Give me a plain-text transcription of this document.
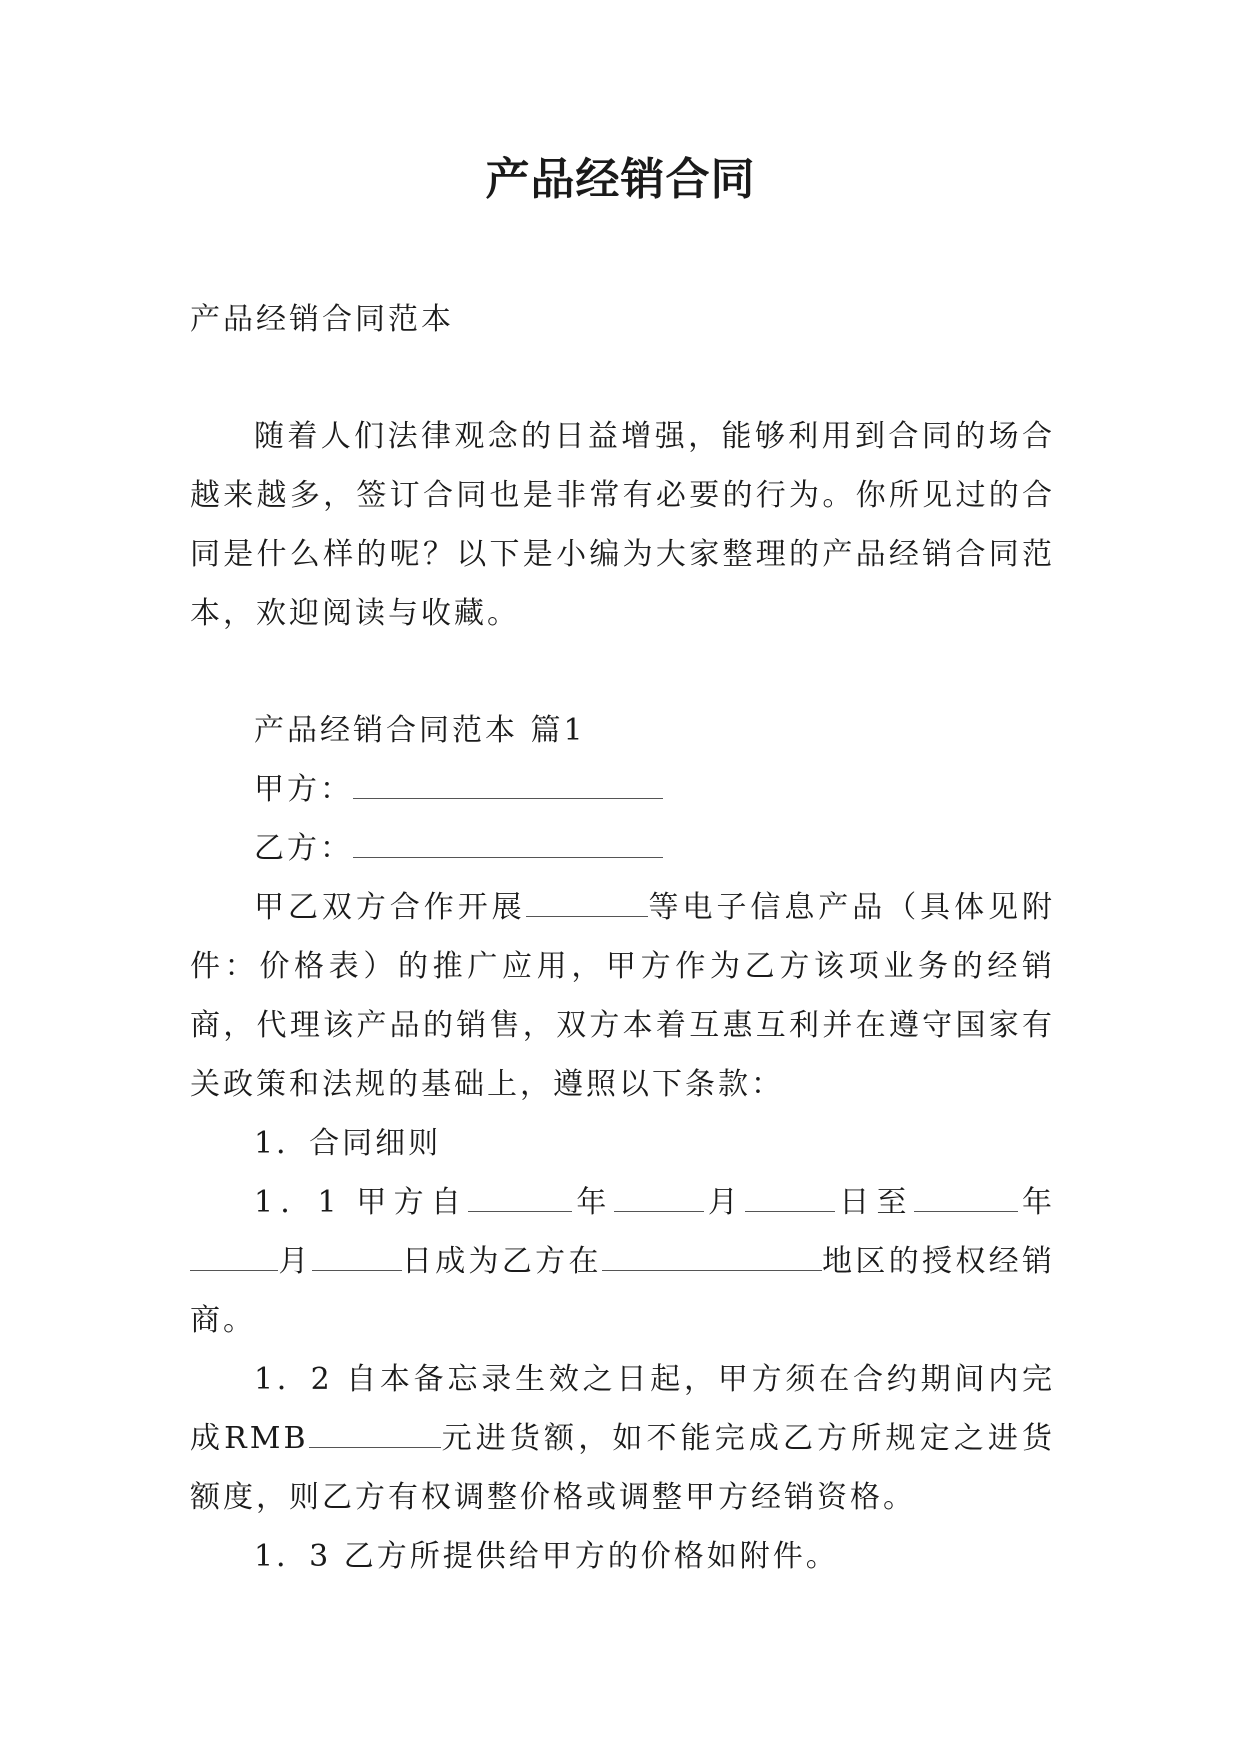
产品经销合同

产品经销合同范本

随着人们法律观念的日益增强，能够利用到合同的场合越来越多，签订合同也是非常有必要的行为。你所见过的合同是什么样的呢？以下是小编为大家整理的产品经销合同范本，欢迎阅读与收藏。

产品经销合同范本 篇1

甲方：

乙方：

甲乙双方合作开展	等电子信息产品（具体见附件：价格表）的推广应用，甲方作为乙方该项业务的经销商，代理该产品的销售，双方本着互惠互利并在遵守国家有关政策和法规的基础上，遵照以下条款：

1．合同细则

1．1 甲方自	年	月	日至	年月	日成为乙方在	地区的授权经销商。

1．2 自本备忘录生效之日起，甲方须在合约期间内完成RMB	元进货额，如不能完成乙方所规定之进货额度，则乙方有权调整价格或调整甲方经销资格。

1．3 乙方所提供给甲方的价格如附件。
